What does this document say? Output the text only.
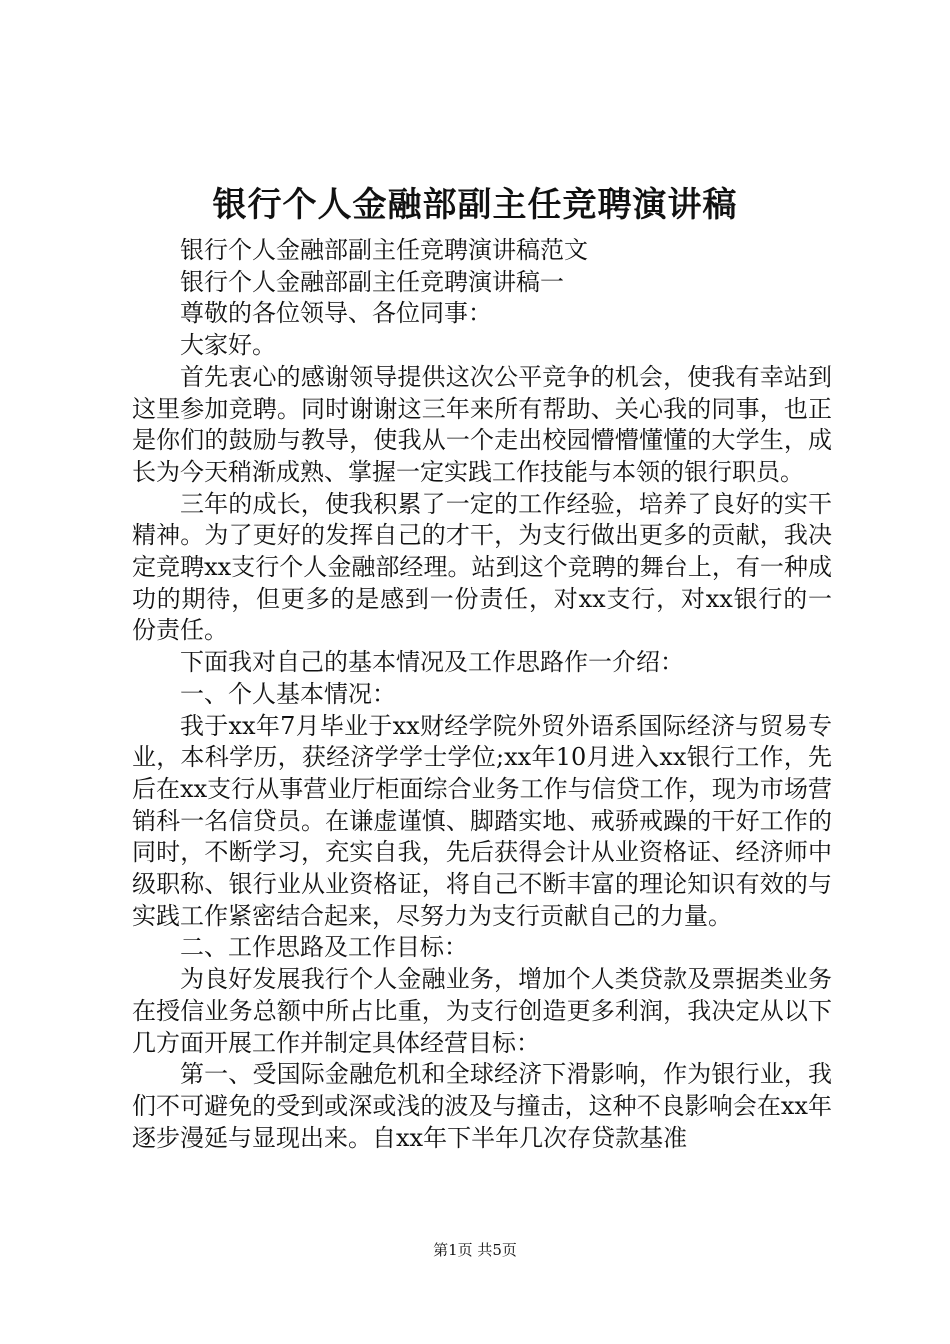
银行个人金融部副主任竞聘演讲稿

银行个人金融部副主任竞聘演讲稿范文

银行个人金融部副主任竞聘演讲稿一

尊敬的各位领导、各位同事：

大家好。

首先衷心的感谢领导提供这次公平竞争的机会，使我有幸站到这里参加竞聘。同时谢谢这三年来所有帮助、关心我的同事，也正是你们的鼓励与教导，使我从一个走出校园懵懵懂懂的大学生，成长为今天稍渐成熟、掌握一定实践工作技能与本领的银行职员。

三年的成长，使我积累了一定的工作经验，培养了良好的实干精神。为了更好的发挥自己的才干，为支行做出更多的贡献，我决定竞聘xx支行个人金融部经理。站到这个竞聘的舞台上，有一种成功的期待，但更多的是感到一份责任，对xx支行，对xx银行的一份责任。

下面我对自己的基本情况及工作思路作一介绍：

一、个人基本情况：

我于xx年7月毕业于xx财经学院外贸外语系国际经济与贸易专业，本科学历，获经济学学士学位;xx年10月进入xx银行工作，先后在xx支行从事营业厅柜面综合业务工作与信贷工作，现为市场营销科一名信贷员。在谦虚谨慎、脚踏实地、戒骄戒躁的干好工作的同时，不断学习，充实自我，先后获得会计从业资格证、经济师中级职称、银行业从业资格证，将自己不断丰富的理论知识有效的与实践工作紧密结合起来，尽努力为支行贡献自己的力量。

二、工作思路及工作目标：

为良好发展我行个人金融业务，增加个人类贷款及票据类业务在授信业务总额中所占比重，为支行创造更多利润，我决定从以下几方面开展工作并制定具体经营目标：

第一、受国际金融危机和全球经济下滑影响，作为银行业，我们不可避免的受到或深或浅的波及与撞击，这种不良影响会在xx年逐步漫延与显现出来。自xx年下半年几次存贷款基准

第1页 共5页
